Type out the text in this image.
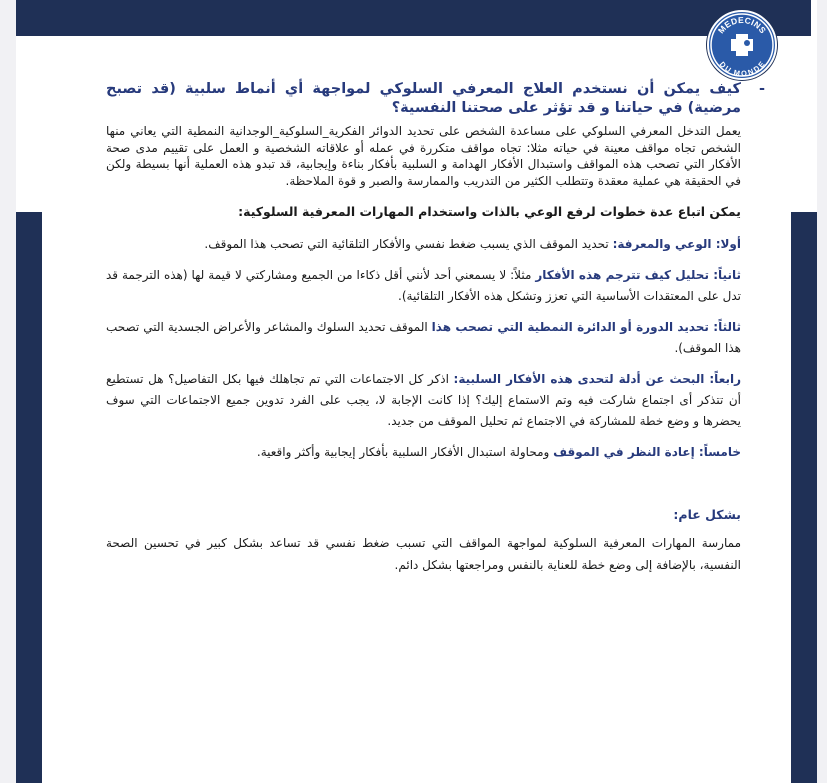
MEDECINS
DU MONDE

-
كيف يمكن أن نستخدم العلاج المعرفي السلوكي لمواجهة أي أنماط سلبية (قد تصبح مرضية) في حياتنا و قد تؤثر على صحتنا النفسية؟

يعمل التدخل المعرفي السلوكي على مساعدة الشخص على تحديد الدوائر الفكرية_السلوكية_الوجدانية النمطية التي يعاني منها الشخص تجاه مواقف معينة في حياته مثلا: تجاه مواقف متكررة في عمله أو علاقاته الشخصية و العمل على تقييم مدى صحة الأفكار التي تصحب هذه المواقف واستبدال الأفكار الهدامة و السلبية بأفكار بناءة وإيجابية، قد تبدو هذه العملية أنها بسيطة ولكن في الحقيقة هي عملية معقدة وتتطلب الكثير من التدريب والممارسة والصبر و قوة الملاحظة.

يمكن اتباع عدة خطوات لرفع الوعي بالذات واستخدام المهارات المعرفية السلوكية:

أولا: الوعي والمعرفة: تحديد الموقف الذي يسبب ضغط نفسي والأفكار التلقائية التي تصحب هذا الموقف.

ثانياً: تحليل كيف تترجم هذه الأفكار مثلاً: لا يسمعني أحد لأنني أقل ذكاءا من الجميع ومشاركتي لا قيمة لها (هذه الترجمة قد تدل على المعتقدات الأساسية التي تعزز وتشكل هذه الأفكار التلقائية).

ثالثاً: تحديد الدورة أو الدائرة النمطية التي تصحب هذا الموقف تحديد السلوك والمشاعر والأعراض الجسدية التي تصحب هذا الموقف).

رابعاً: البحث عن أدلة لتحدى هذه الأفكار السلبية: اذكر كل الاجتماعات التي تم تجاهلك فيها بكل التفاصيل؟ هل تستطيع أن تتذكر أى اجتماع شاركت فيه وتم الاستماع إليك؟ إذا كانت الإجابة لا، يجب على الفرد تدوين جميع الاجتماعات التي سوف يحضرها و وضع خطة للمشاركة في الاجتماع ثم تحليل الموقف من جديد.

خامساً: إعادة النظر في الموقف ومحاولة استبدال الأفكار السلبية بأفكار إيجابية وأكثر واقعية.

بشكل عام:

ممارسة المهارات المعرفية السلوكية لمواجهة المواقف التي تسبب ضغط نفسي قد تساعد بشكل كبير في تحسين الصحة النفسية، بالإضافة إلى وضع خطة للعناية بالنفس ومراجعتها بشكل دائم.
